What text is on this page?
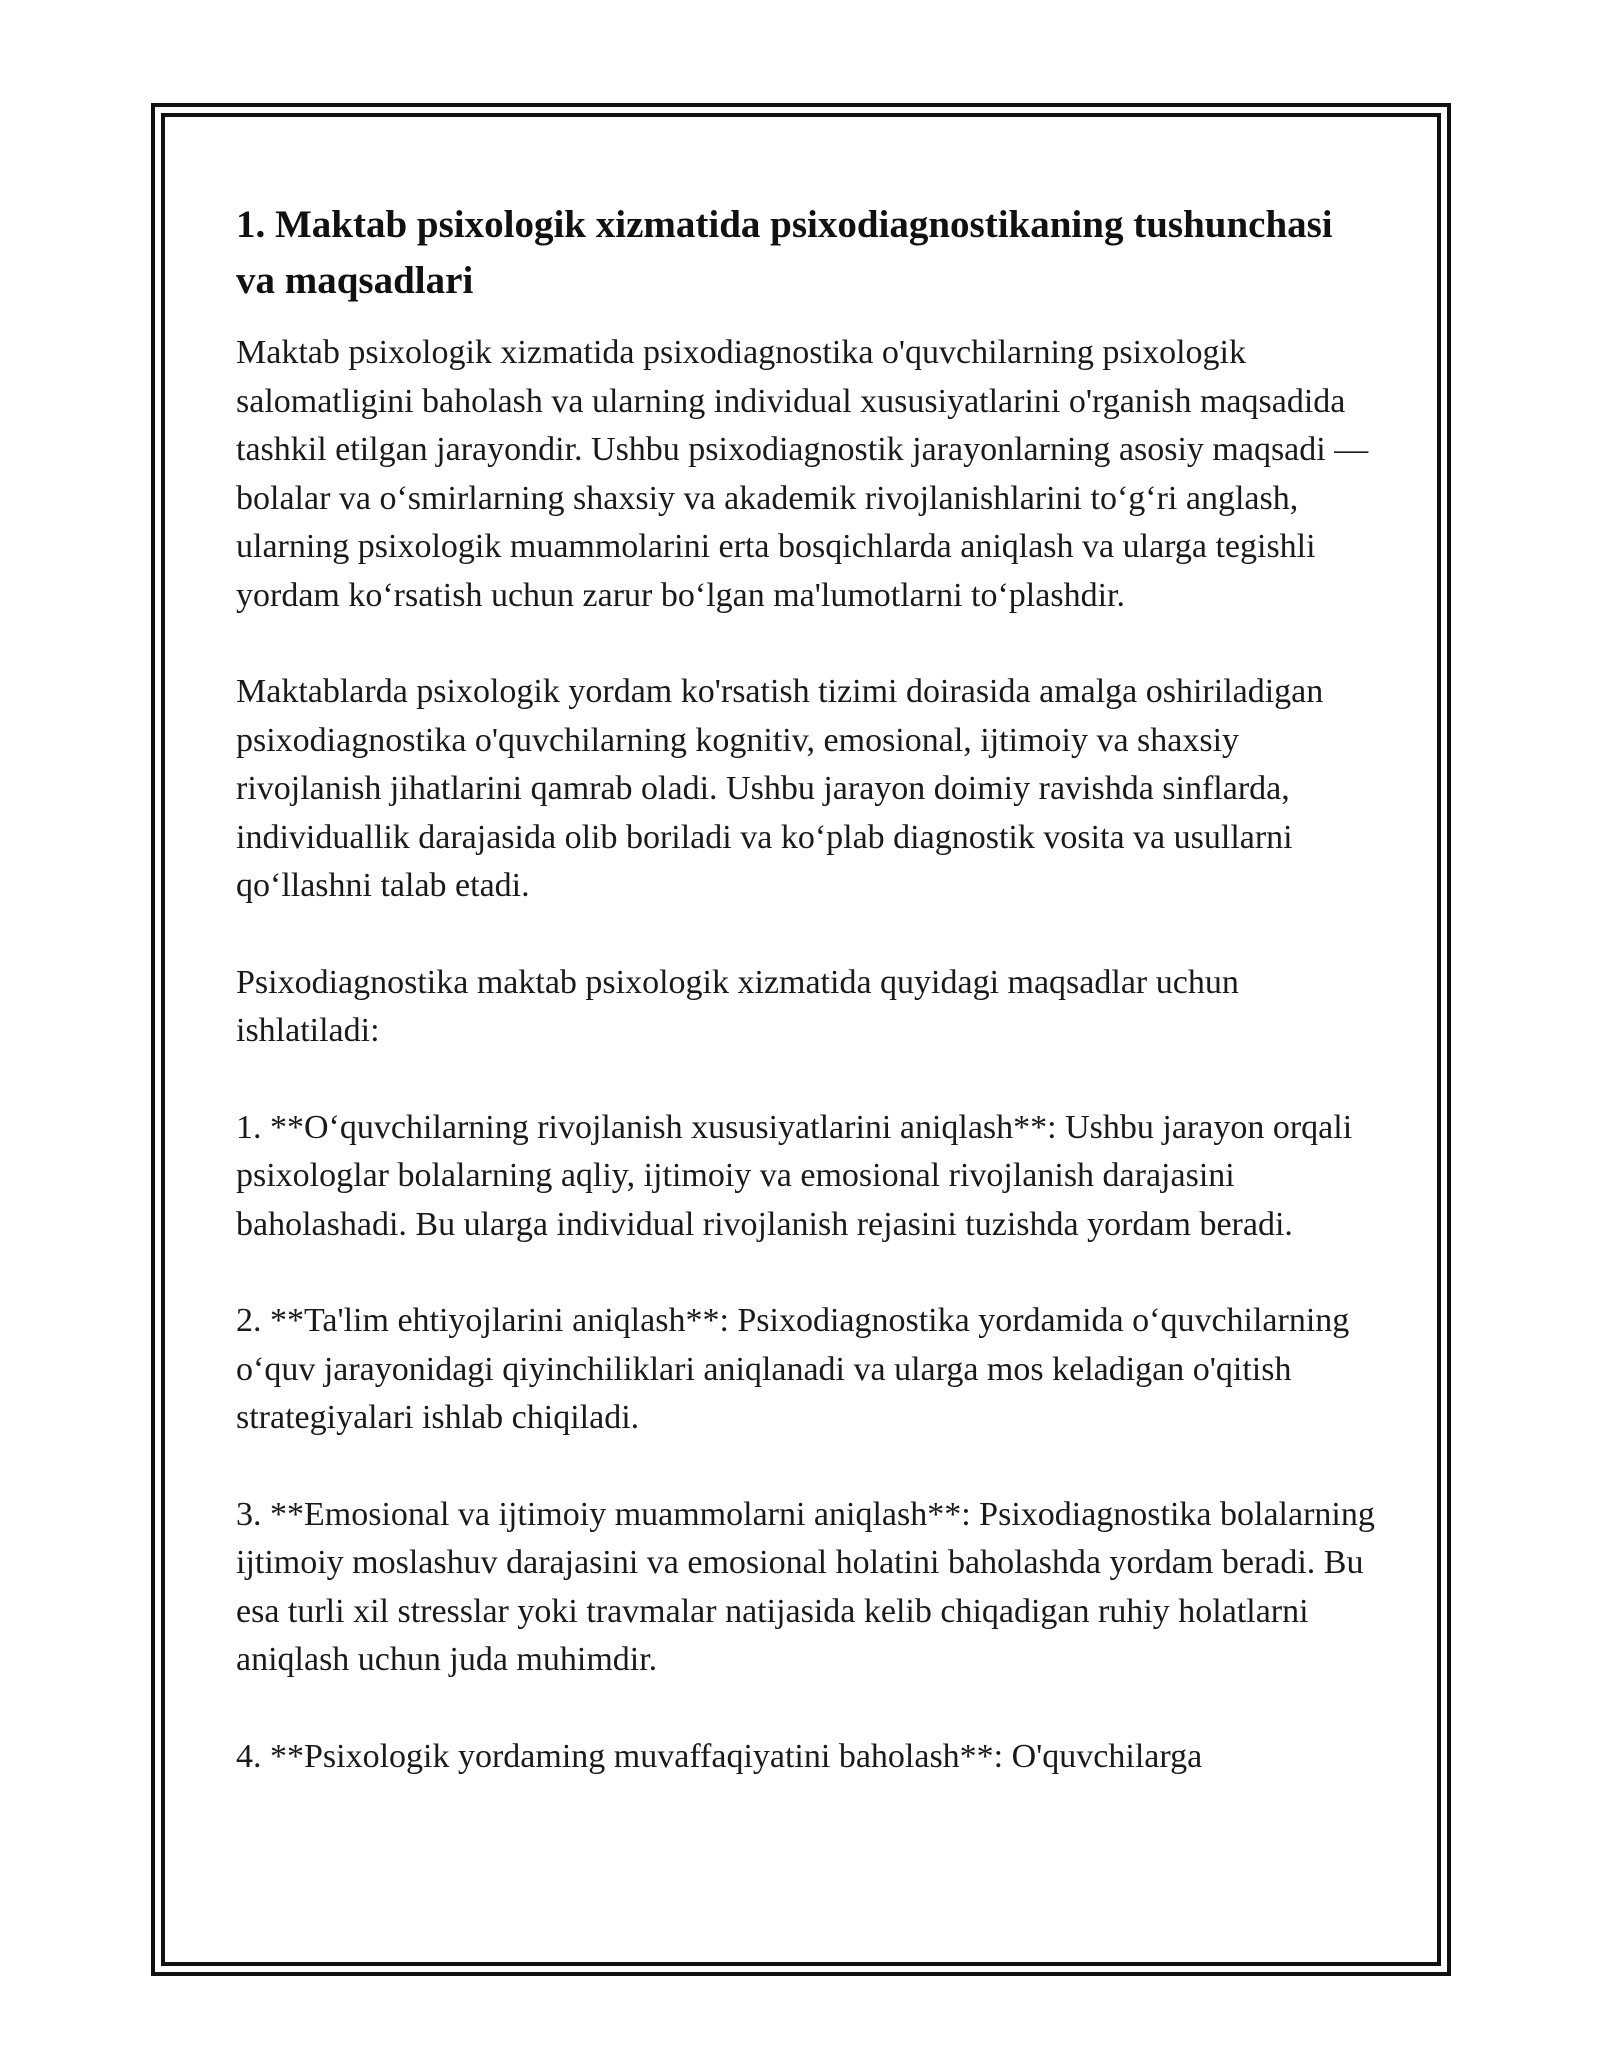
1. Maktab psixologik xizmatida psixodiagnostikaning tushunchasi va maqsadlari

Maktab psixologik xizmatida psixodiagnostika o'quvchilarning psixologik salomatligini baholash va ularning individual xususiyatlarini o'rganish maqsadida tashkil etilgan jarayondir. Ushbu psixodiagnostik jarayonlarning asosiy maqsadi — bolalar va o‘smirlarning shaxsiy va akademik rivojlanishlarini to‘g‘ri anglash, ularning psixologik muammolarini erta bosqichlarda aniqlash va ularga tegishli yordam ko‘rsatish uchun zarur bo‘lgan ma'lumotlarni to‘plashdir.

Maktablarda psixologik yordam ko'rsatish tizimi doirasida amalga oshiriladigan psixodiagnostika o'quvchilarning kognitiv, emosional, ijtimoiy va shaxsiy rivojlanish jihatlarini qamrab oladi. Ushbu jarayon doimiy ravishda sinflarda, individuallik darajasida olib boriladi va ko‘plab diagnostik vosita va usullarni qo‘llashni talab etadi.

Psixodiagnostika maktab psixologik xizmatida quyidagi maqsadlar uchun ishlatiladi:

1. **O‘quvchilarning rivojlanish xususiyatlarini aniqlash**: Ushbu jarayon orqali psixologlar bolalarning aqliy, ijtimoiy va emosional rivojlanish darajasini baholashadi. Bu ularga individual rivojlanish rejasini tuzishda yordam beradi.

2. **Ta'lim ehtiyojlarini aniqlash**: Psixodiagnostika yordamida o‘quvchilarning o‘quv jarayonidagi qiyinchiliklari aniqlanadi va ularga mos keladigan o'qitish strategiyalari ishlab chiqiladi.

3. **Emosional va ijtimoiy muammolarni aniqlash**: Psixodiagnostika bolalarning ijtimoiy moslashuv darajasini va emosional holatini baholashda yordam beradi. Bu esa turli xil stresslar yoki travmalar natijasida kelib chiqadigan ruhiy holatlarni aniqlash uchun juda muhimdir.

4. **Psixologik yordaming muvaffaqiyatini baholash**: O'quvchilarga
